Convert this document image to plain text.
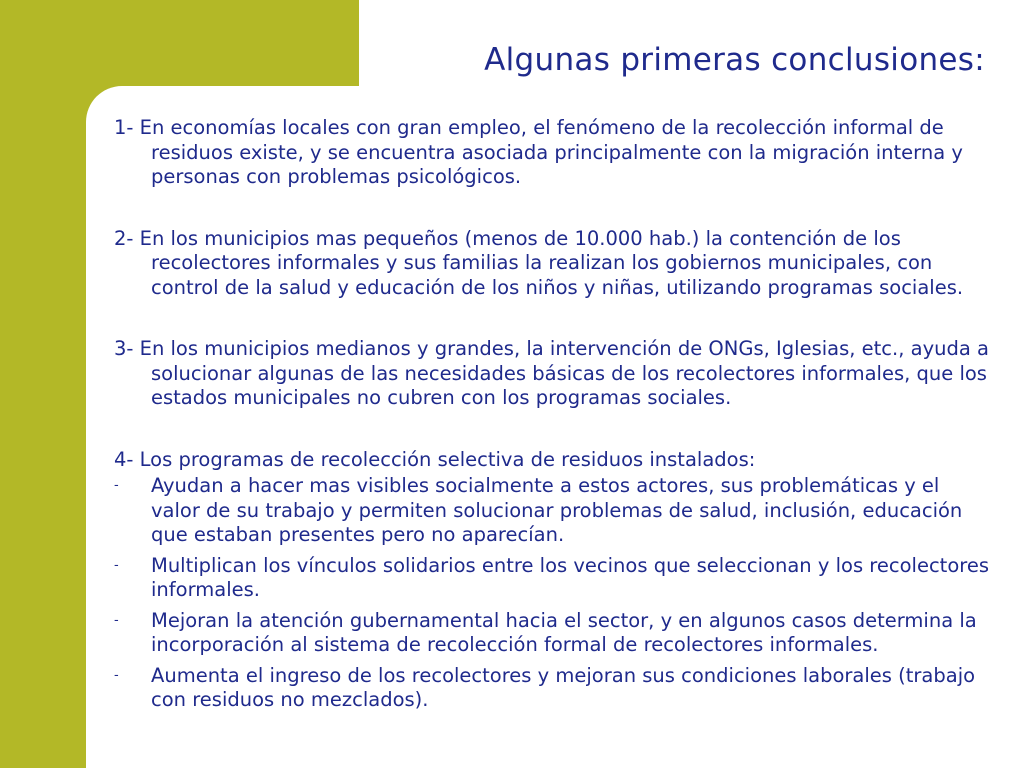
Algunas primeras conclusiones:

1- En economías locales con gran empleo, el fenómeno de la recolección informal de residuos existe, y se encuentra asociada principalmente con la migración interna y personas con problemas psicológicos.

2- En los municipios mas pequeños (menos de 10.000 hab.) la contención de los recolectores informales y sus familias la realizan los gobiernos municipales, con control de la salud y educación de los niños y niñas, utilizando programas sociales.

3- En los municipios medianos y grandes, la intervención de ONGs, Iglesias, etc., ayuda a solucionar algunas de las necesidades básicas de los recolectores informales, que los estados municipales no cubren con los programas sociales.

4- Los programas de recolección selectiva de residuos instalados:

- Ayudan a hacer mas visibles socialmente a estos actores, sus problemáticas y el valor de su trabajo y permiten solucionar problemas de salud, inclusión, educación que estaban presentes pero no aparecían.
- Multiplican los vínculos solidarios entre los vecinos que seleccionan y los recolectores informales.
- Mejoran la atención gubernamental hacia el sector, y en algunos casos determina la incorporación al sistema de recolección formal de recolectores informales.
- Aumenta el ingreso de los recolectores y mejoran sus condiciones laborales (trabajo con residuos no mezclados).
